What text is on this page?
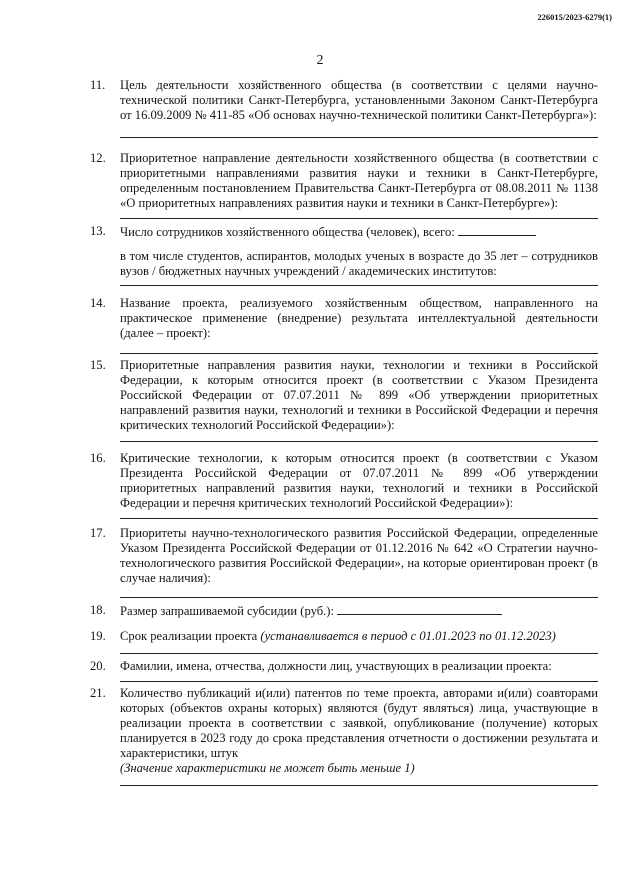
226015/2023-6279(1)
2
11. Цель деятельности хозяйственного общества (в соответствии с целями научно-технической политики Санкт-Петербурга, установленными Законом Санкт-Петербурга от 16.09.2009 № 411-85 «Об основах научно-технической политики Санкт-Петербурга»):

12. Приоритетное направление деятельности хозяйственного общества (в соответствии с приоритетными направлениями развития науки и техники в Санкт-Петербурге, определенным постановлением Правительства Санкт-Петербурга от 08.08.2011 № 1138 «О приоритетных направлениях развития науки и техники в Санкт-Петербурге»):

13. Число сотрудников хозяйственного общества (человек), всего:

в том числе студентов, аспирантов, молодых ученых в возрасте до 35 лет – сотрудников вузов / бюджетных научных учреждений / академических институтов:

14. Название проекта, реализуемого хозяйственным обществом, направленного на практическое применение (внедрение) результата интеллектуальной деятельности (далее – проект):

15. Приоритетные направления развития науки, технологии и техники в Российской Федерации, к которым относится проект (в соответствии с Указом Президента Российской Федерации от 07.07.2011 № 899 «Об утверждении приоритетных направлений развития науки, технологий и техники в Российской Федерации и перечня критических технологий Российской Федерации»):

16. Критические технологии, к которым относится проект (в соответствии с Указом Президента Российской Федерации от 07.07.2011 № 899 «Об утверждении приоритетных направлений развития науки, технологий и техники в Российской Федерации и перечня критических технологий Российской Федерации»):

17. Приоритеты научно-технологического развития Российской Федерации, определенные Указом Президента Российской Федерации от 01.12.2016 № 642 «О Стратегии научно-технологического развития Российской Федерации», на которые ориентирован проект (в случае наличия):

18. Размер запрашиваемой субсидии (руб.):

19. Срок реализации проекта (устанавливается в период с 01.01.2023 по 01.12.2023)

20. Фамилии, имена, отчества, должности лиц, участвующих в реализации проекта:

21. Количество публикаций и(или) патентов по теме проекта, авторами и(или) соавторами которых (объектов охраны которых) являются (будут являться) лица, участвующие в реализации проекта в соответствии с заявкой, опубликование (получение) которых планируется в 2023 году до срока представления отчетности о достижении результата и характеристики, штук

(Значение характеристики не может быть меньше 1)
